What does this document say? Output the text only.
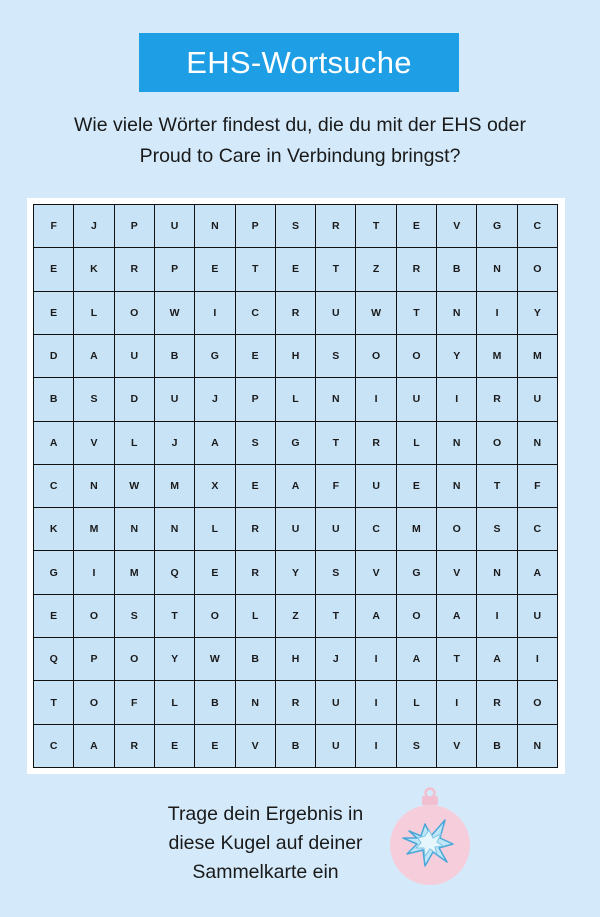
EHS-Wortsuche
Wie viele Wörter findest du, die du mit der EHS oder
Proud to Care in Verbindung bringst?
F	J	P	U	N	P	S	R	T	E	V	G	C
E	K	R	P	E	T	E	T	Z	R	B	N	O
E	L	O	W	I	C	R	U	W	T	N	I	Y
D	A	U	B	G	E	H	S	O	O	Y	M	M
B	S	D	U	J	P	L	N	I	U	I	R	U
A	V	L	J	A	S	G	T	R	L	N	O	N
C	N	W	M	X	E	A	F	U	E	N	T	F
K	M	N	N	L	R	U	U	C	M	O	S	C
G	I	M	Q	E	R	Y	S	V	G	V	N	A
E	O	S	T	O	L	Z	T	A	O	A	I	U
Q	P	O	Y	W	B	H	J	I	A	T	A	I
T	O	F	L	B	N	R	U	I	L	I	R	O
C	A	R	E	E	V	B	U	I	S	V	B	N
Trage dein Ergebnis in
diese Kugel auf deiner
Sammelkarte ein
